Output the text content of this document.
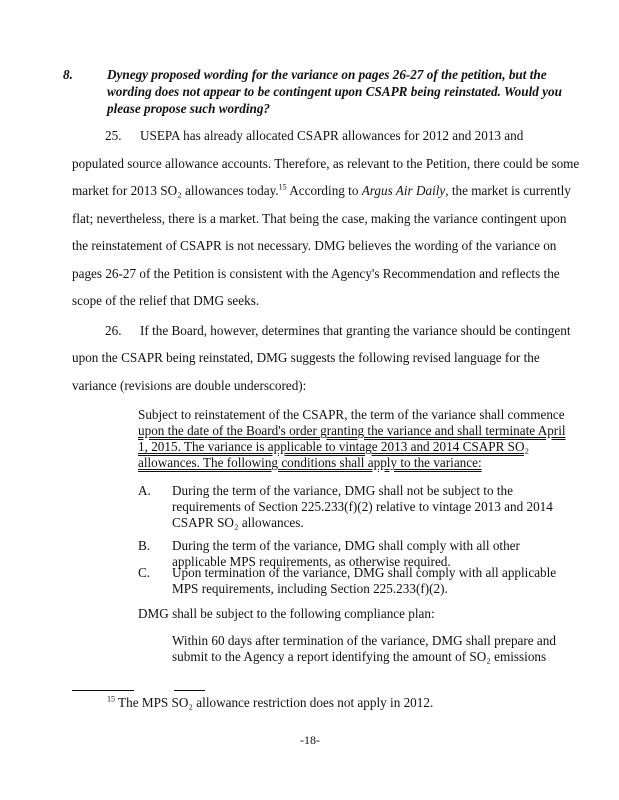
8.	Dynegy proposed wording for the variance on pages 26-27 of the petition, but the
wording does not appear to be contingent upon CSAPR being reinstated. Would you
please propose such wording?
25. USEPA has already allocated CSAPR allowances for 2012 and 2013 and
populated source allowance accounts. Therefore, as relevant to the Petition, there could be some
market for 2013 SO₂ allowances today.$^{15}$ According to Argus Air Daily, the market is currently
flat; nevertheless, there is a market. That being the case, making the variance contingent upon
the reinstatement of CSAPR is not necessary. DMG believes the wording of the variance on
pages 26-27 of the Petition is consistent with the Agency's Recommendation and reflects the
scope of the relief that DMG seeks.
26. If the Board, however, determines that granting the variance should be contingent
upon the CSAPR being reinstated, DMG suggests the following revised language for the
variance (revisions are double underscored):
Subject to reinstatement of the CSAPR, the term of the variance shall commence
upon the date of the Board's order granting the variance and shall terminate April
1, 2015. The variance is applicable to vintage 2013 and 2014 CSAPR SO₂
allowances. The following conditions shall apply to the variance:
A. During the term of the variance, DMG shall not be subject to the
requirements of Section 225.233(f)(2) relative to vintage 2013 and 2014
CSAPR SO₂ allowances.
B. During the term of the variance, DMG shall comply with all other
applicable MPS requirements, as otherwise required.
C. Upon termination of the variance, DMG shall comply with all applicable
MPS requirements, including Section 225.233(f)(2).
DMG shall be subject to the following compliance plan:
Within 60 days after termination of the variance, DMG shall prepare and
submit to the Agency a report identifying the amount of SO₂ emissions
$^{15}$ The MPS SO₂ allowance restriction does not apply in 2012.
-18-
